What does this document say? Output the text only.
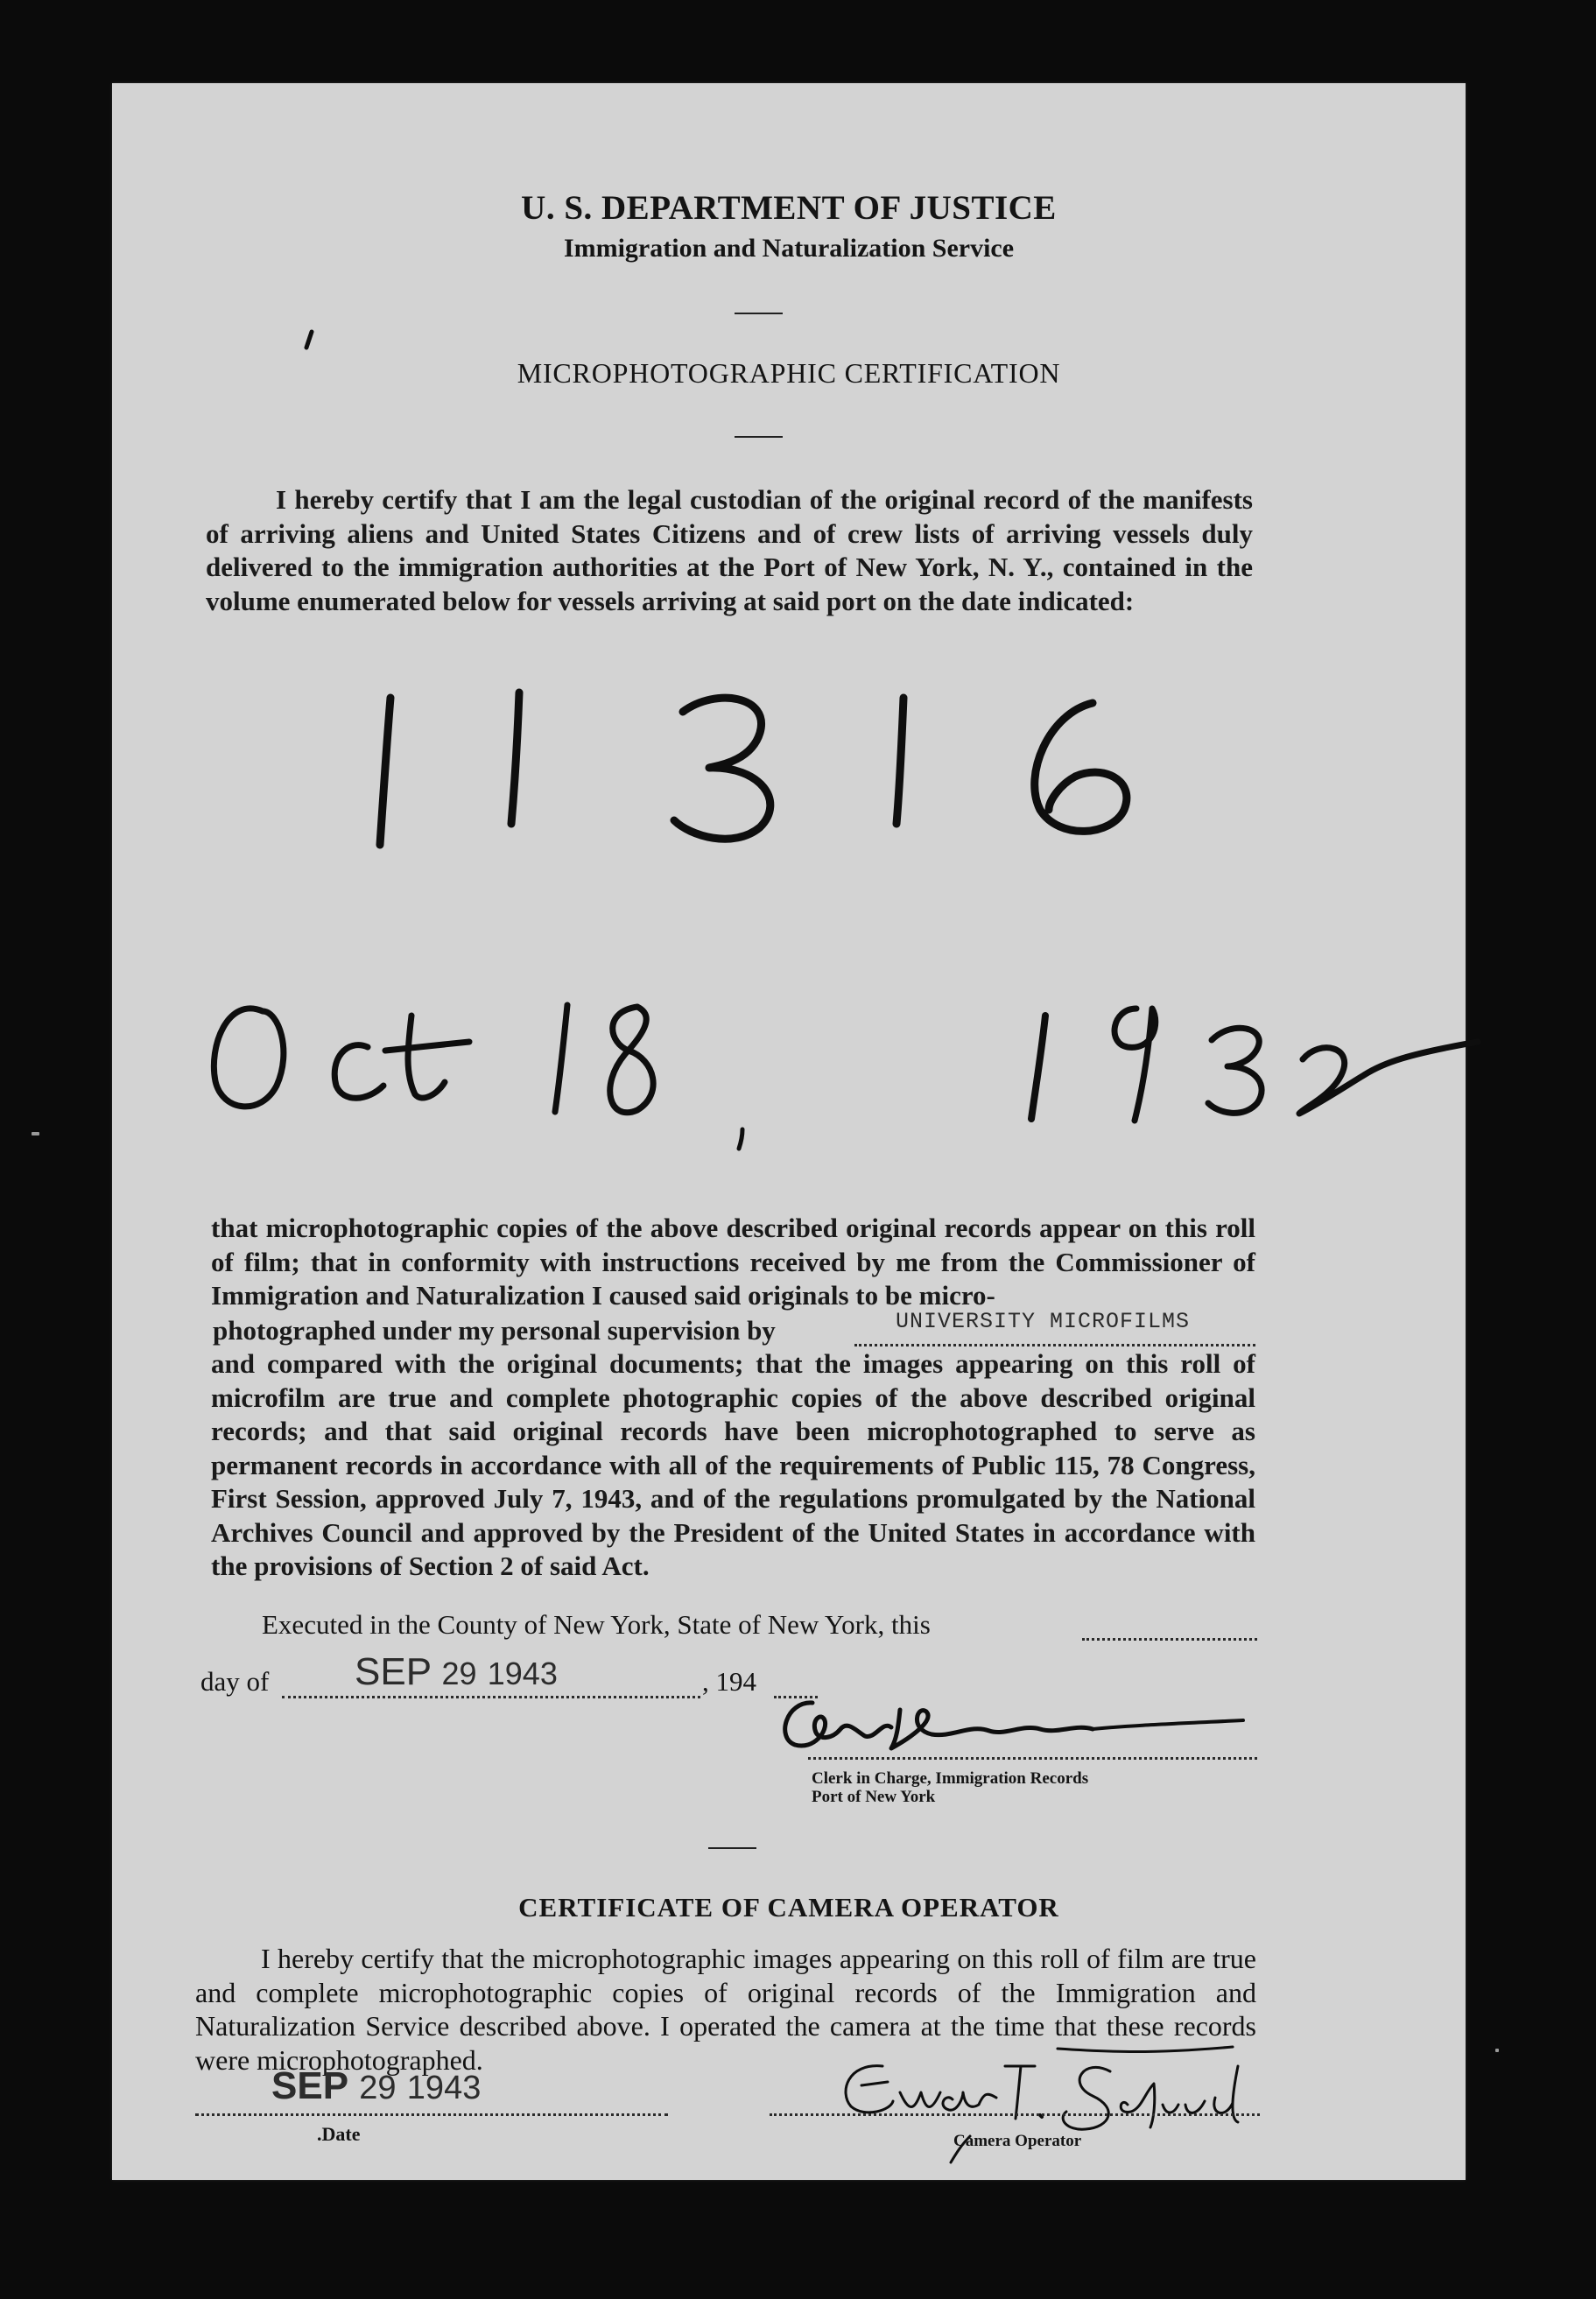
U. S. DEPARTMENT OF JUSTICE
Immigration and Naturalization Service
MICROPHOTOGRAPHIC CERTIFICATION
I hereby certify that I am the legal custodian of the original record of the manifests of arriving aliens and United States Citizens and of crew lists of arriving vessels duly delivered to the immigration authorities at the Port of New York, N. Y., contained in the volume enumerated below for vessels arriving at said port on the date indicated:
that microphotographic copies of the above described original records appear on this roll of film; that in conformity with instructions received by me from the Commissioner of Immigration and Naturalization I caused said originals to be micro-
photographed under my personal supervision by	UNIVERSITY MICROFILMS
and compared with the original documents; that the images appearing on this roll of microfilm are true and complete photographic copies of the above described original records; and that said original records have been microphotographed to serve as permanent records in accordance with all of the requirements of Public 115, 78 Congress, First Session, approved July 7, 1943, and of the regulations promulgated by the National Archives Council and approved by the President of the United States in accordance with the provisions of Section 2 of said Act.
Executed in the County of New York, State of New York, this
day of SEP 29 1943	, 194
Clerk in Charge, Immigration Records
Port of New York
CERTIFICATE OF CAMERA OPERATOR
I hereby certify that the microphotographic images appearing on this roll of film are true and complete microphotographic copies of original records of the Immigration and Naturalization Service described above. I operated the camera at the time that these records were microphotographed.
SEP 29 1943
.Date	Camera Operator
